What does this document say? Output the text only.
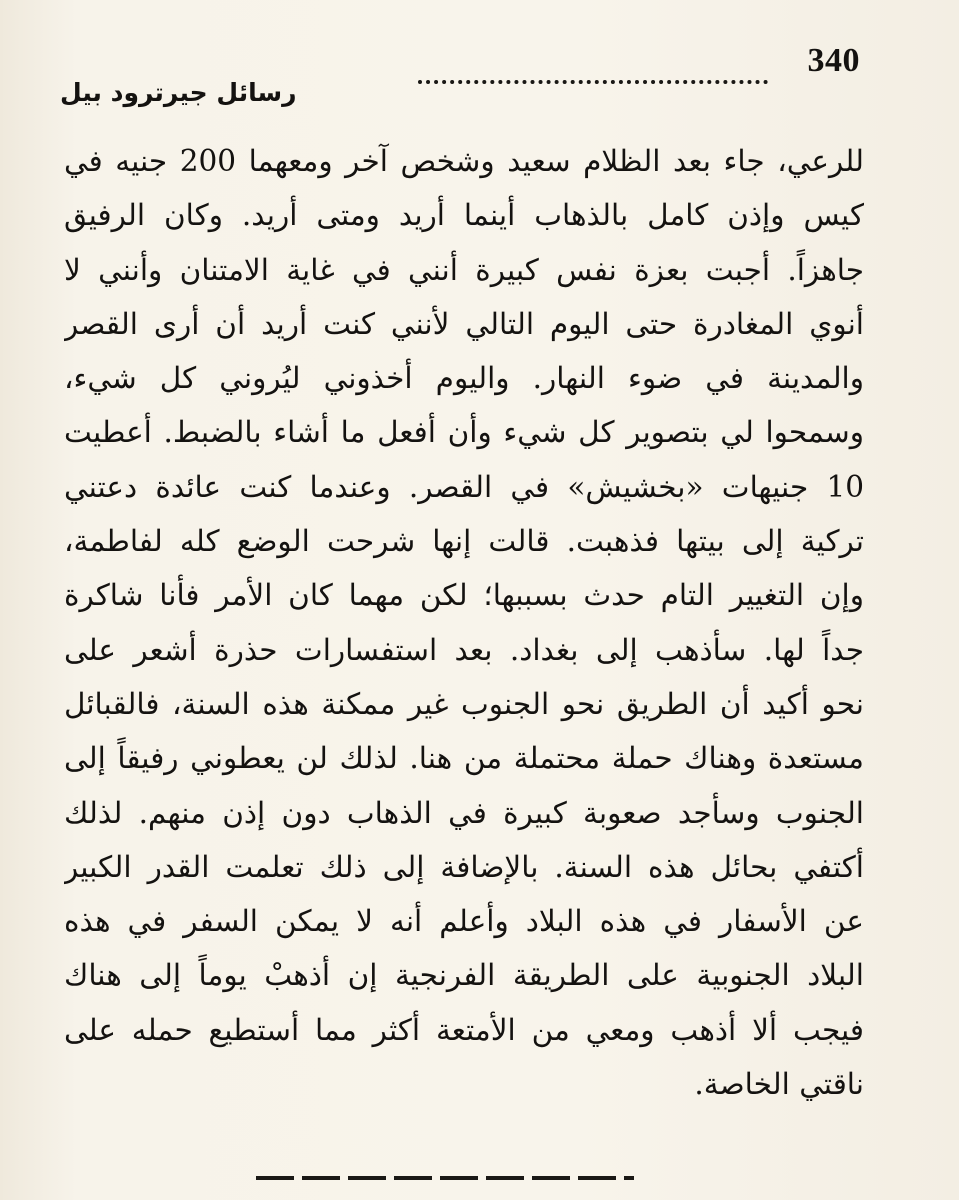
340
رسائل جيرترود بيل
للرعي، جاء بعد الظلام سعيد وشخص آخر ومعهما 200 جنيه في
كيس وإذن كامل بالذهاب أينما أريد ومتى أريد. وكان الرفيق
جاهزاً. أجبت بعزة نفس كبيرة أنني في غاية الامتنان وأنني لا
أنوي المغادرة حتى اليوم التالي لأنني كنت أريد أن أرى القصر
والمدينة في ضوء النهار. واليوم أخذوني ليُروني كل شيء،
وسمحوا لي بتصوير كل شيء وأن أفعل ما أشاء بالضبط. أعطيت
10 جنيهات «بخشيش» في القصر. وعندما كنت عائدة دعتني
تركية إلى بيتها فذهبت. قالت إنها شرحت الوضع كله لفاطمة،
وإن التغيير التام حدث بسببها؛ لكن مهما كان الأمر فأنا شاكرة
جداً لها. سأذهب إلى بغداد. بعد استفسارات حذرة أشعر على
نحو أكيد أن الطريق نحو الجنوب غير ممكنة هذه السنة، فالقبائل
مستعدة وهناك حملة محتملة من هنا. لذلك لن يعطوني رفيقاً إلى
الجنوب وسأجد صعوبة كبيرة في الذهاب دون إذن منهم. لذلك
أكتفي بحائل هذه السنة. بالإضافة إلى ذلك تعلمت القدر الكبير
عن الأسفار في هذه البلاد وأعلم أنه لا يمكن السفر في هذه
البلاد الجنوبية على الطريقة الفرنجية إن أذهبْ يوماً إلى هناك
فيجب ألا أذهب ومعي من الأمتعة أكثر مما أستطيع حمله على
ناقتي الخاصة.
